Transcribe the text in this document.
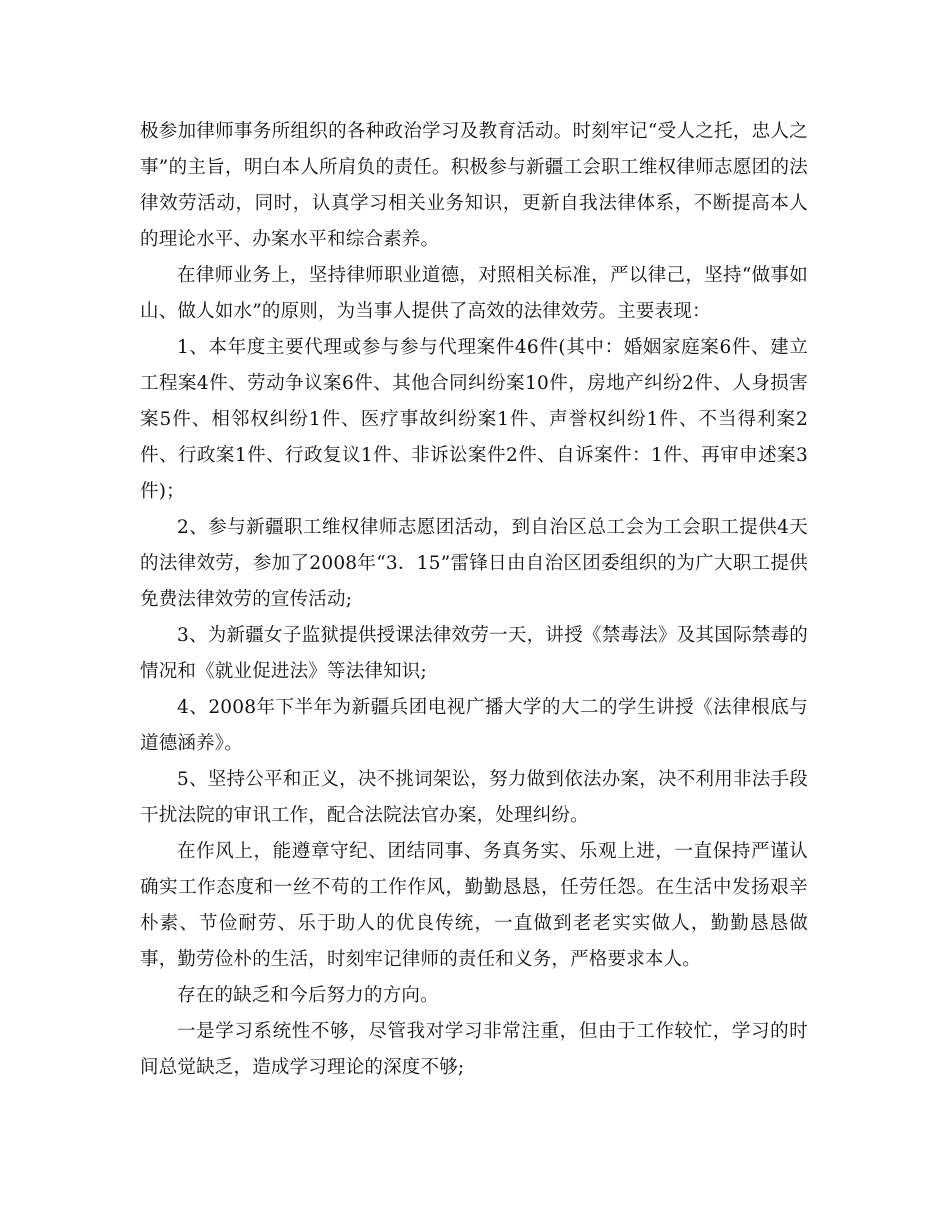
极参加律师事务所组织的各种政治学习及教育活动。时刻牢记“受人之托，忠人之事”的主旨，明白本人所肩负的责任。积极参与新疆工会职工维权律师志愿团的法律效劳活动，同时，认真学习相关业务知识，更新自我法律体系，不断提高本人的理论水平、办案水平和综合素养。

在律师业务上，坚持律师职业道德，对照相关标准，严以律己，坚持“做事如山、做人如水”的原则，为当事人提供了高效的法律效劳。主要表现：

1、本年度主要代理或参与参与代理案件46件(其中：婚姻家庭案6件、建立工程案4件、劳动争议案6件、其他合同纠纷案10件，房地产纠纷2件、人身损害案5件、相邻权纠纷1件、医疗事故纠纷案1件、声誉权纠纷1件、不当得利案2件、行政案1件、行政复议1件、非诉讼案件2件、自诉案件：1件、再审申述案3件)；

2、参与新疆职工维权律师志愿团活动，到自治区总工会为工会职工提供4天的法律效劳，参加了2008年“3．15”雷锋日由自治区团委组织的为广大职工提供免费法律效劳的宣传活动;

3、为新疆女子监狱提供授课法律效劳一天，讲授《禁毒法》及其国际禁毒的情况和《就业促进法》等法律知识;

4、2008年下半年为新疆兵团电视广播大学的大二的学生讲授《法律根底与道德涵养》。

5、坚持公平和正义，决不挑词架讼，努力做到依法办案，决不利用非法手段干扰法院的审讯工作，配合法院法官办案，处理纠纷。

在作风上，能遵章守纪、团结同事、务真务实、乐观上进，一直保持严谨认确实工作态度和一丝不苟的工作作风，勤勤恳恳，任劳任怨。在生活中发扬艰辛朴素、节俭耐劳、乐于助人的优良传统，一直做到老老实实做人，勤勤恳恳做事，勤劳俭朴的生活，时刻牢记律师的责任和义务，严格要求本人。

存在的缺乏和今后努力的方向。

一是学习系统性不够，尽管我对学习非常注重，但由于工作较忙，学习的时间总觉缺乏，造成学习理论的深度不够;
